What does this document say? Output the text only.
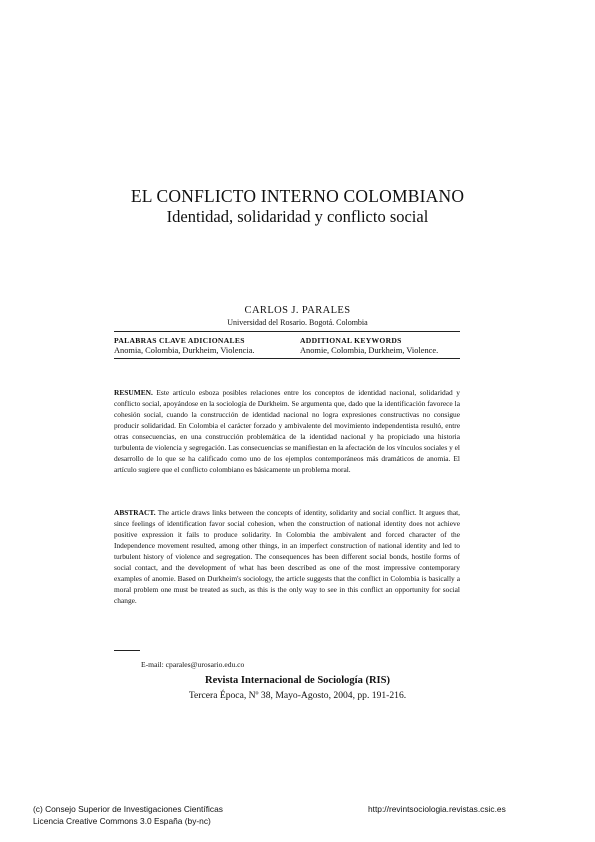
EL CONFLICTO INTERNO COLOMBIANO
Identidad, solidaridad y conflicto social
CARLOS J. PARALES
Universidad del Rosario. Bogotá. Colombia
PALABRAS CLAVE ADICIONALES
Anomia, Colombia, Durkheim, Violencia.
ADDITIONAL KEYWORDS
Anomie, Colombia, Durkheim, Violence.

RESUMEN. Este artículo esboza posibles relaciones entre los conceptos de identidad nacional, solidaridad y conflicto social, apoyándose en la sociología de Durkheim. Se argumenta que, dado que la identificación favorece la cohesión social, cuando la construcción de identidad nacional no logra expresiones constructivas no consigue producir solidaridad. En Colombia el carácter forzado y ambivalente del movimiento independentista resultó, entre otras consecuencias, en una construcción problemática de la identidad nacional y ha propiciado una historia turbulenta de violencia y segregación. Las consecuencias se manifiestan en la afectación de los vínculos sociales y el desarrollo de lo que se ha calificado como uno de los ejemplos contemporáneos más dramáticos de anomia. El artículo sugiere que el conflicto colombiano es básicamente un problema moral.

ABSTRACT. The article draws links between the concepts of identity, solidarity and social conflict. It argues that, since feelings of identification favor social cohesion, when the construction of national identity does not achieve positive expression it fails to produce solidarity. In Colombia the ambivalent and forced character of the Independence movement resulted, among other things, in an imperfect construction of national identity and led to turbulent history of violence and segregation. The consequences has been different social bonds, hostile forms of social contact, and the development of what has been described as one of the most impressive contemporary examples of anomie. Based on Durkheim's sociology, the article suggests that the conflict in Colombia is basically a moral problem one must be treated as such, as this is the only way to see in this conflict an opportunity for social change.

E-mail: cparales@urosario.edu.co
Revista Internacional de Sociología (RIS)
Tercera Época, Nº 38, Mayo-Agosto, 2004, pp. 191-216.
(c) Consejo Superior de Investigaciones Científicas
Licencia Creative Commons 3.0 España (by-nc)
http://revintsociologia.revistas.csic.es
